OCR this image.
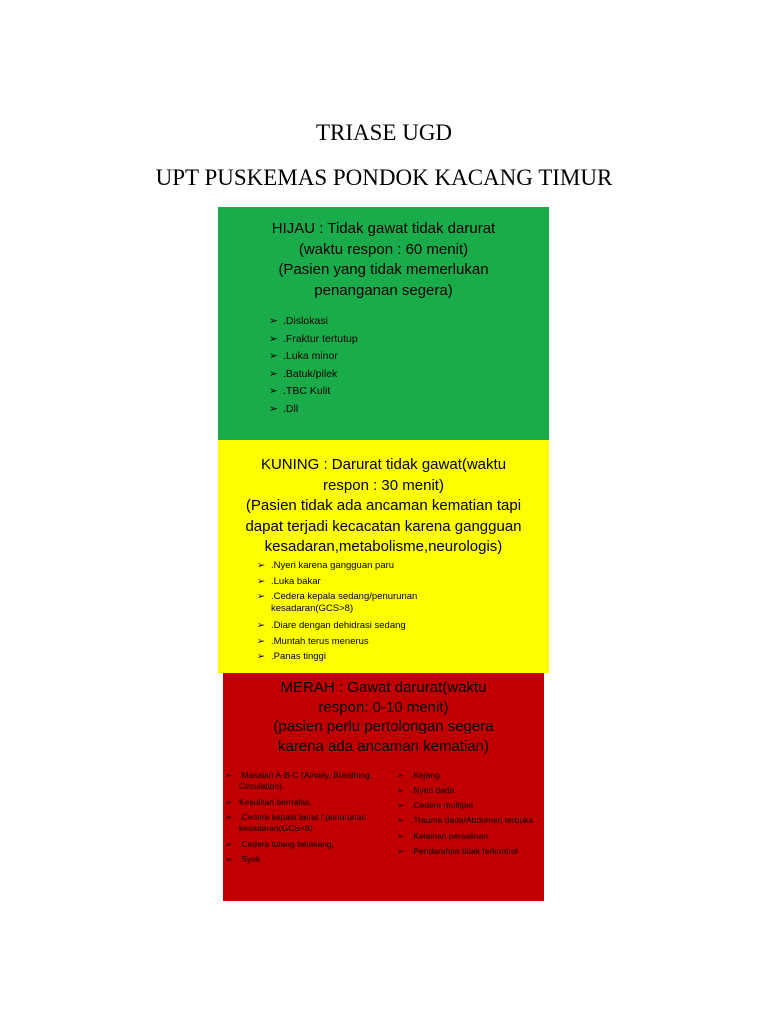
TRIASE UGD
UPT PUSKEMAS PONDOK KACANG TIMUR
HIJAU : Tidak gawat tidak darurat
(waktu respon : 60 menit)
(Pasien yang tidak memerlukan
penanganan segera)
➢ .Dislokasi
➢ .Fraktur tertutup
➢ .Luka minor
➢ .Batuk/pilek
➢ .TBC Kulit
➢ .Dll
KUNING : Darurat tidak gawat(waktu
respon : 30 menit)
(Pasien tidak ada ancaman kematian tapi
dapat terjadi kecacatan karena gangguan
kesadaran,metabolisme,neurologis)
➢ .Nyeri karena gangguan paru
➢ .Luka bakar
➢ .Cedera kepala sedang/penurunan kesadaran(GCS>8)
➢ .Diare dengan dehidrasi sedang
➢ .Muntah terus menerus
➢ .Panas tinggi
MERAH : Gawat darurat(waktu
respon: 0-10 menit)
(pasien perlu pertolongan segera
karena ada ancaman kematian)
➢ .Masalah A-B-C (Airway, Breathing, Circulation)
➢ Kesulitan bernafas,
➢ .Cedera kepala berat / penurunan kesadaran(GCS<8)
➢ .Cedera tulang belakang,
➢ .Syok
➢ .Kejang
➢ .Nyeri dada
➢ .Cedera multipel
➢ .Trauma dada/Abdomen terbuka
➢ .Kelainan persalinan
➢ .Pendarahan tidak terkontrol
